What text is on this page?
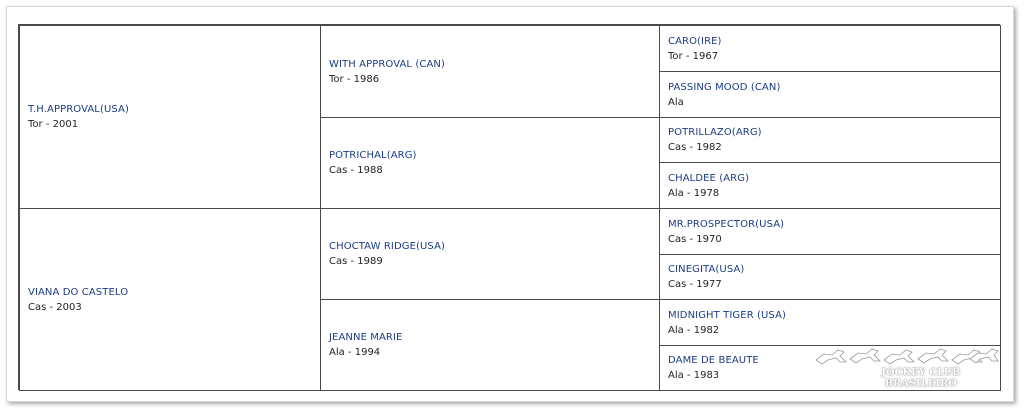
T.H.APPROVAL(USA)
Tor - 2001
VIANA DO CASTELO
Cas - 2003
WITH APPROVAL (CAN)
Tor - 1986
POTRICHAL(ARG)
Cas - 1988
CHOCTAW RIDGE(USA)
Cas - 1989
JEANNE MARIE
Ala - 1994
CARO(IRE)
Tor - 1967
PASSING MOOD (CAN)
Ala
POTRILLAZO(ARG)
Cas - 1982
CHALDEE (ARG)
Ala - 1978
MR.PROSPECTOR(USA)
Cas - 1970
CINEGITA(USA)
Cas - 1977
MIDNIGHT TIGER (USA)
Ala - 1982
DAME DE BEAUTE
Ala - 1983	JOCKEY CLUB BRASILEIRO
